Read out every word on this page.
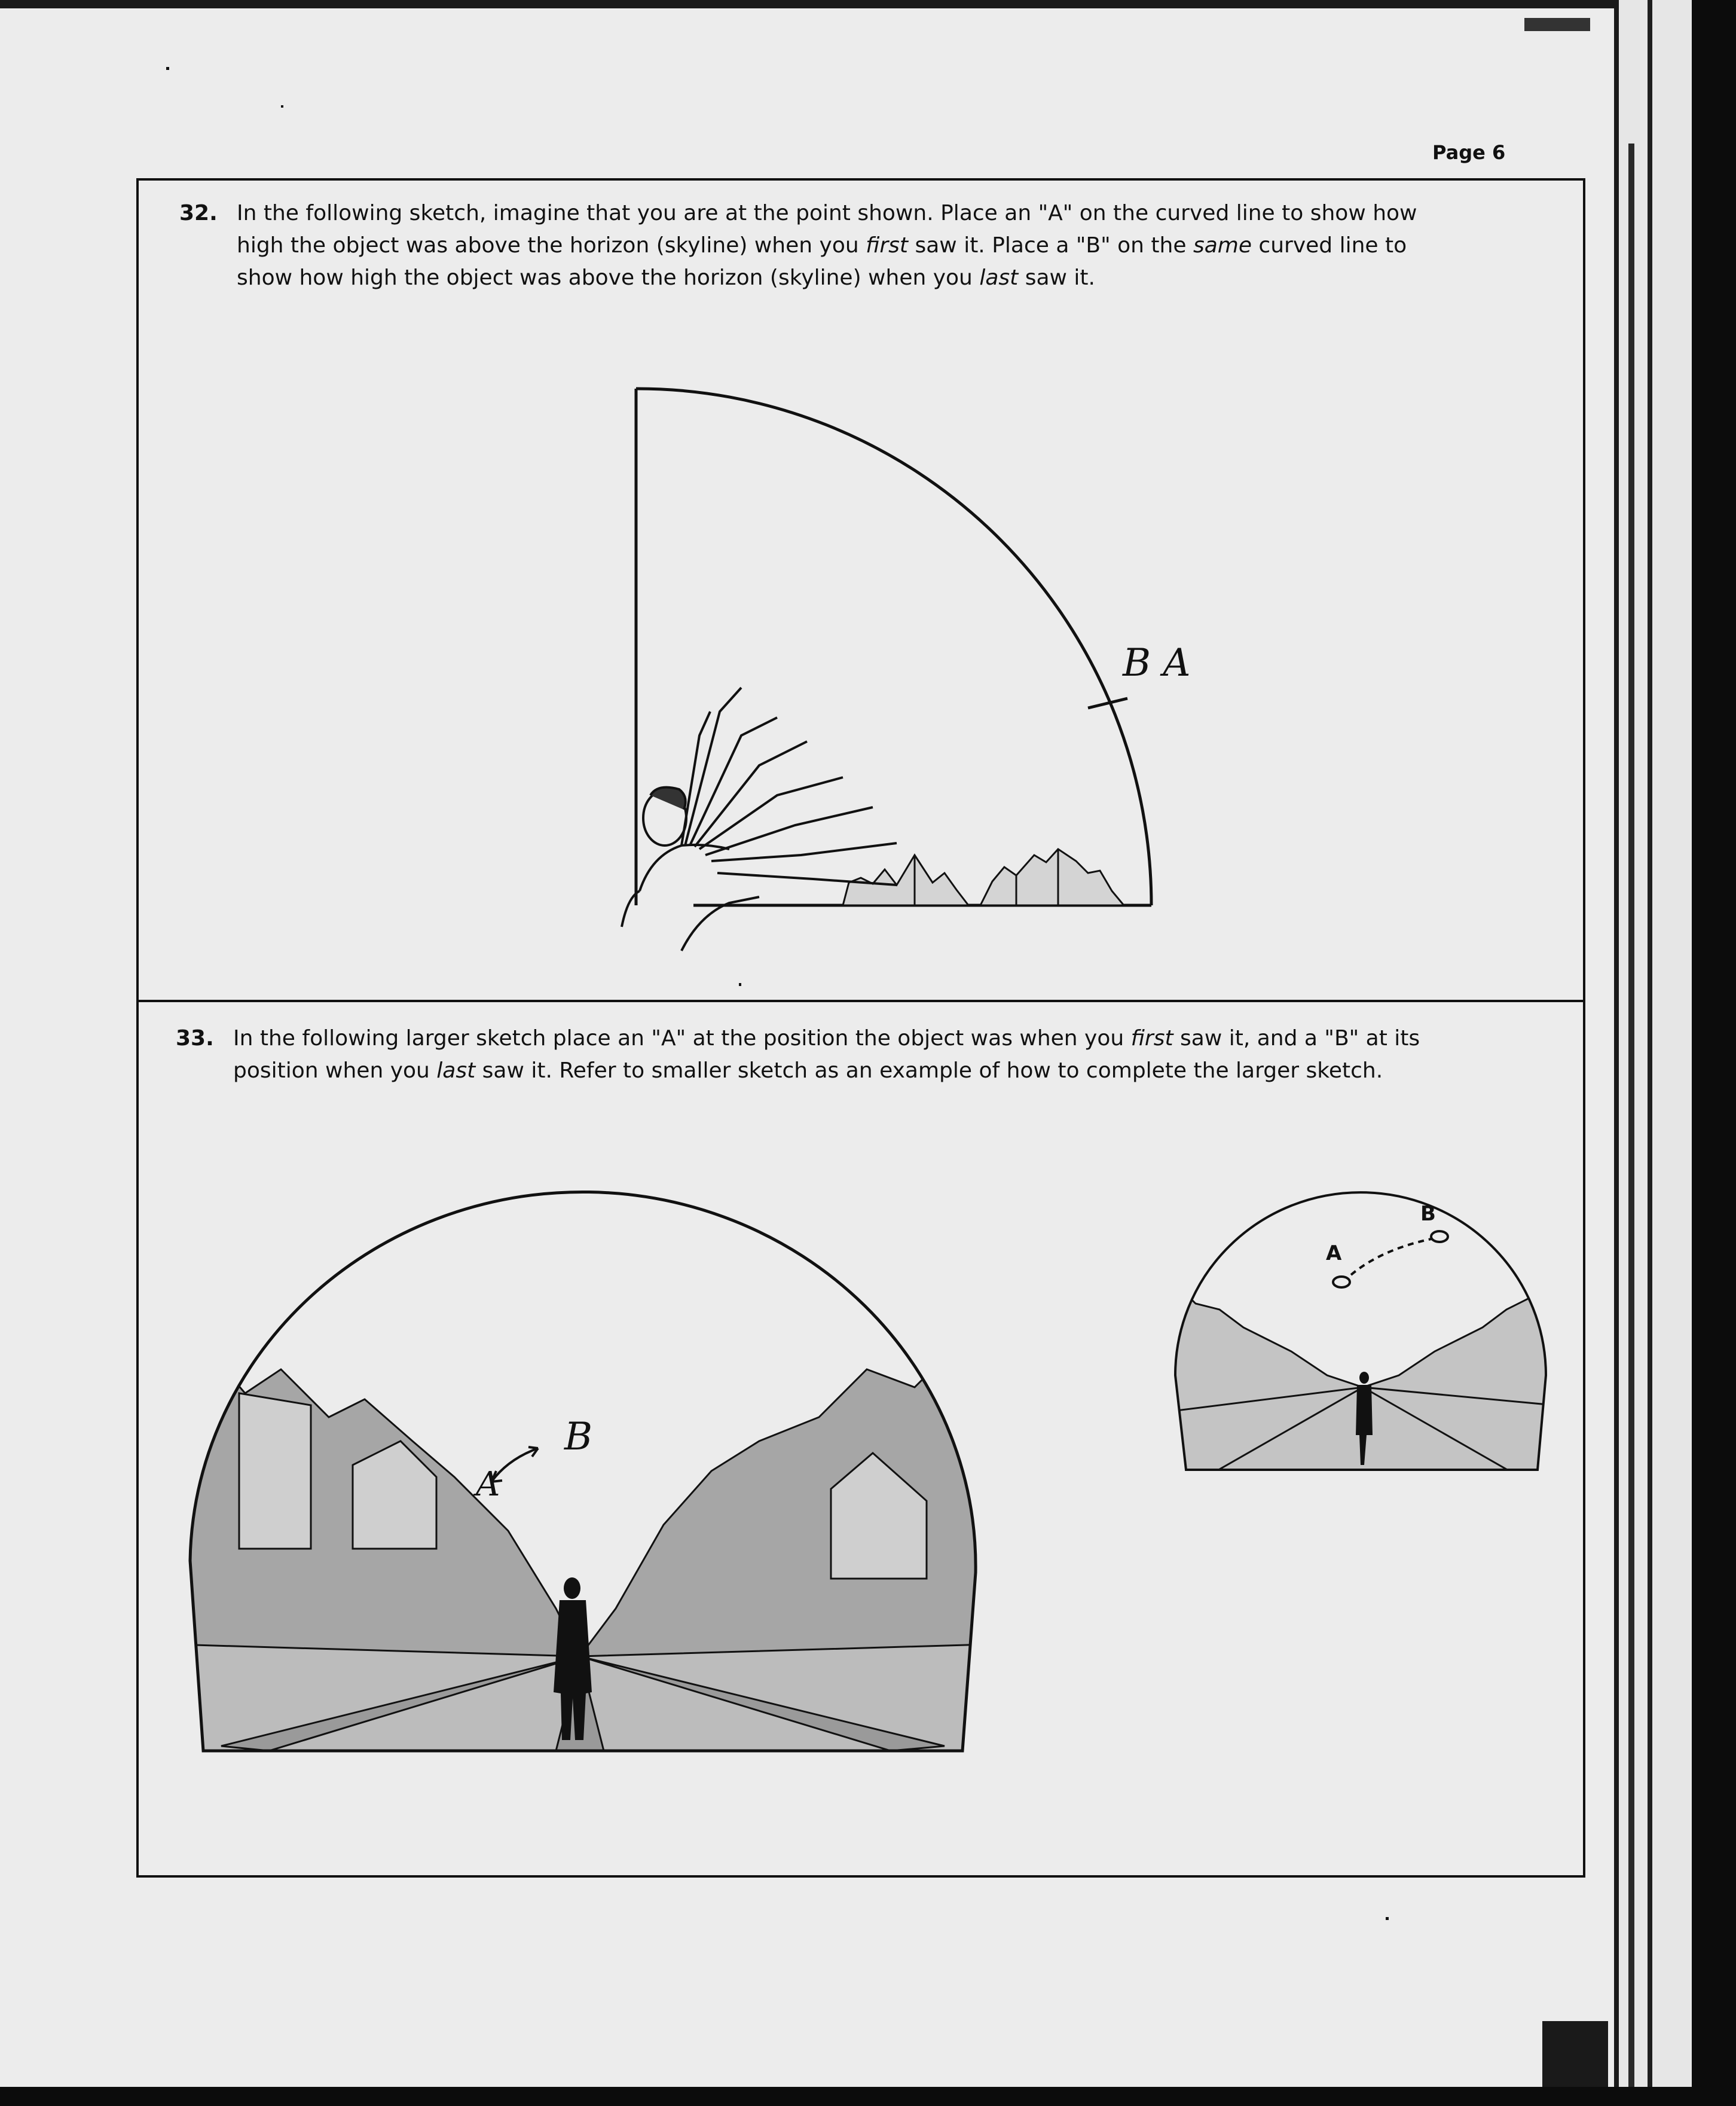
Page 6
32. In the following sketch, imagine that you are at the point shown. Place an "A" on the curved line to show how
high the object was above the horizon (skyline) when you first saw it. Place a "B" on the same curved line to
show how high the object was above the horizon (skyline) when you last saw it.
B A
33. In the following larger sketch place an "A" at the position the object was when you first saw it, and a "B" at its
position when you last saw it. Refer to smaller sketch as an example of how to complete the larger sketch.
A
B
A
B
